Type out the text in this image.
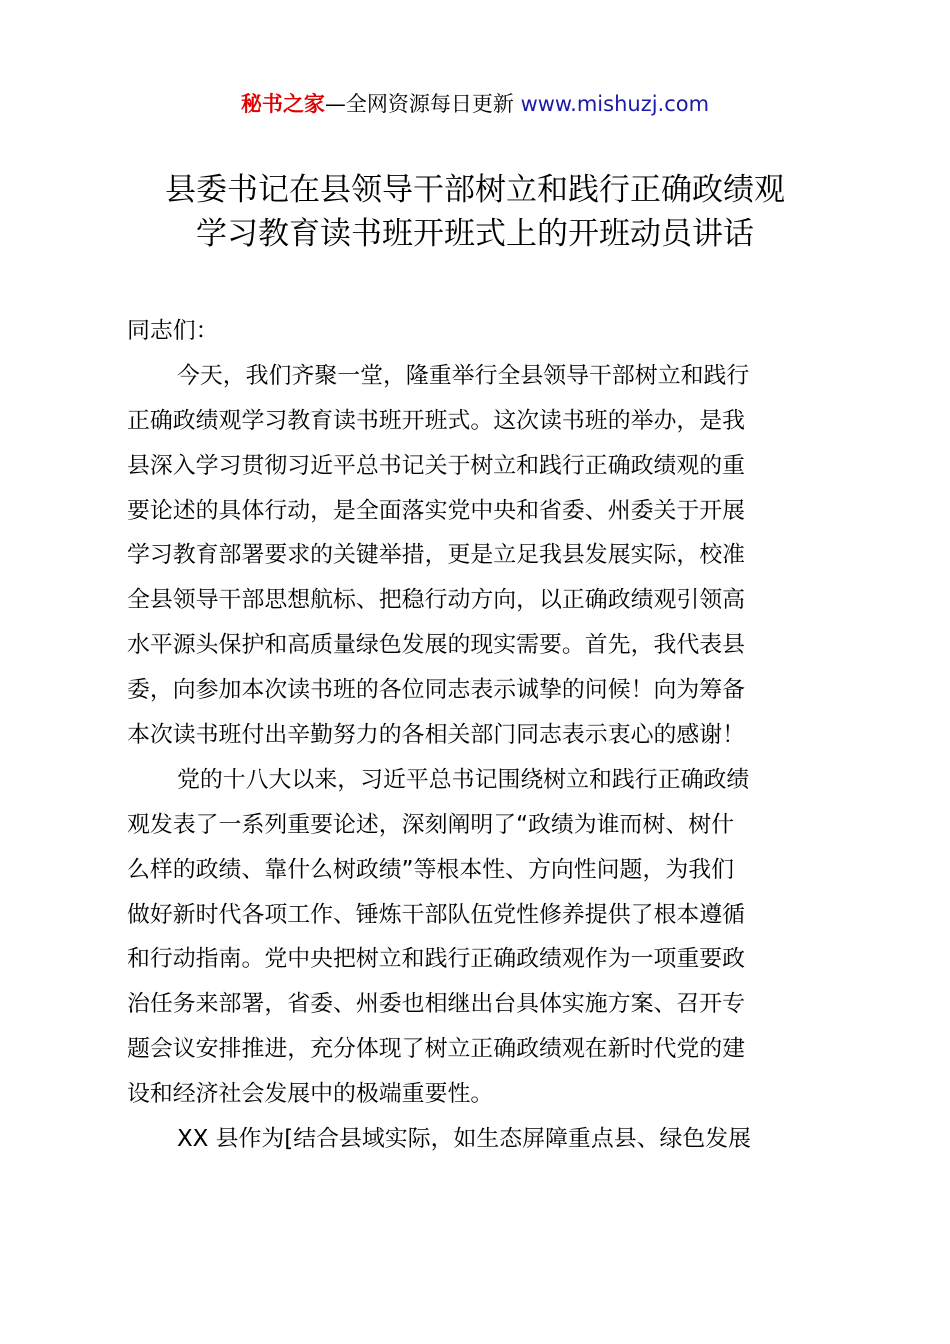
秘书之家—全网资源每日更新 www.mishuzj.com
县委书记在县领导干部树立和践行正确政绩观
学习教育读书班开班式上的开班动员讲话
同志们：
今天，我们齐聚一堂，隆重举行全县领导干部树立和践行
正确政绩观学习教育读书班开班式。这次读书班的举办，是我
县深入学习贯彻习近平总书记关于树立和践行正确政绩观的重
要论述的具体行动，是全面落实党中央和省委、州委关于开展
学习教育部署要求的关键举措，更是立足我县发展实际，校准
全县领导干部思想航标、把稳行动方向，以正确政绩观引领高
水平源头保护和高质量绿色发展的现实需要。首先，我代表县
委，向参加本次读书班的各位同志表示诚挚的问候！向为筹备
本次读书班付出辛勤努力的各相关部门同志表示衷心的感谢！
党的十八大以来，习近平总书记围绕树立和践行正确政绩
观发表了一系列重要论述，深刻阐明了“政绩为谁而树、树什
么样的政绩、靠什么树政绩”等根本性、方向性问题，为我们
做好新时代各项工作、锤炼干部队伍党性修养提供了根本遵循
和行动指南。党中央把树立和践行正确政绩观作为一项重要政
治任务来部署，省委、州委也相继出台具体实施方案、召开专
题会议安排推进，充分体现了树立正确政绩观在新时代党的建
设和经济社会发展中的极端重要性。
XX 县作为[结合县域实际，如生态屏障重点县、绿色发展
